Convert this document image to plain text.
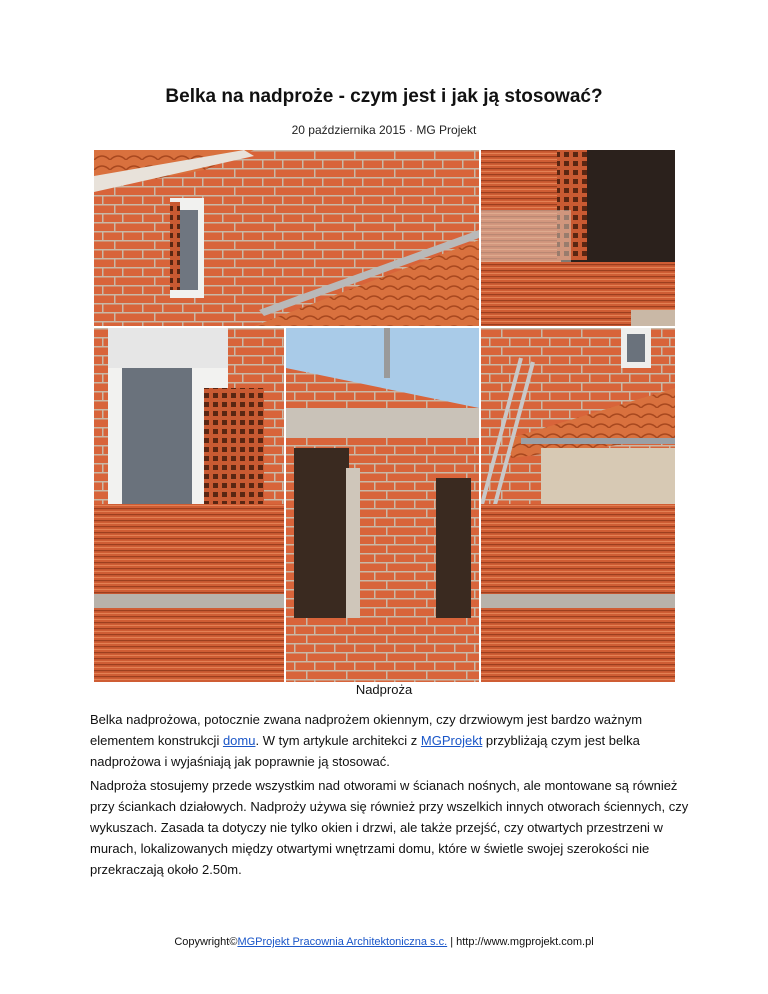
Belka na nadproże - czym jest i jak ją stosować?
20 października 2015 · MG Projekt
Nadproża

Belka nadprożowa, potocznie zwana nadprożem okiennym, czy drzwiowym jest bardzo ważnym elementem konstrukcji domu. W tym artykule architekci z MGProjekt przybliżają czym jest belka nadprożowa i wyjaśniają jak poprawnie ją stosować.

Nadproża stosujemy przede wszystkim nad otworami w ścianach nośnych, ale montowane są również przy ściankach działowych. Nadproży używa się również przy wszelkich innych otworach ściennych, czy wykuszach. Zasada ta dotyczy nie tylko okien i drzwi, ale także przejść, czy otwartych przestrzeni w murach, lokalizowanych między otwartymi wnętrzami domu, które w świetle swojej szerokości nie przekraczają około 2.50m.

Copywright©MGProjekt Pracownia Architektoniczna s.c. | http://www.mgprojekt.com.pl
